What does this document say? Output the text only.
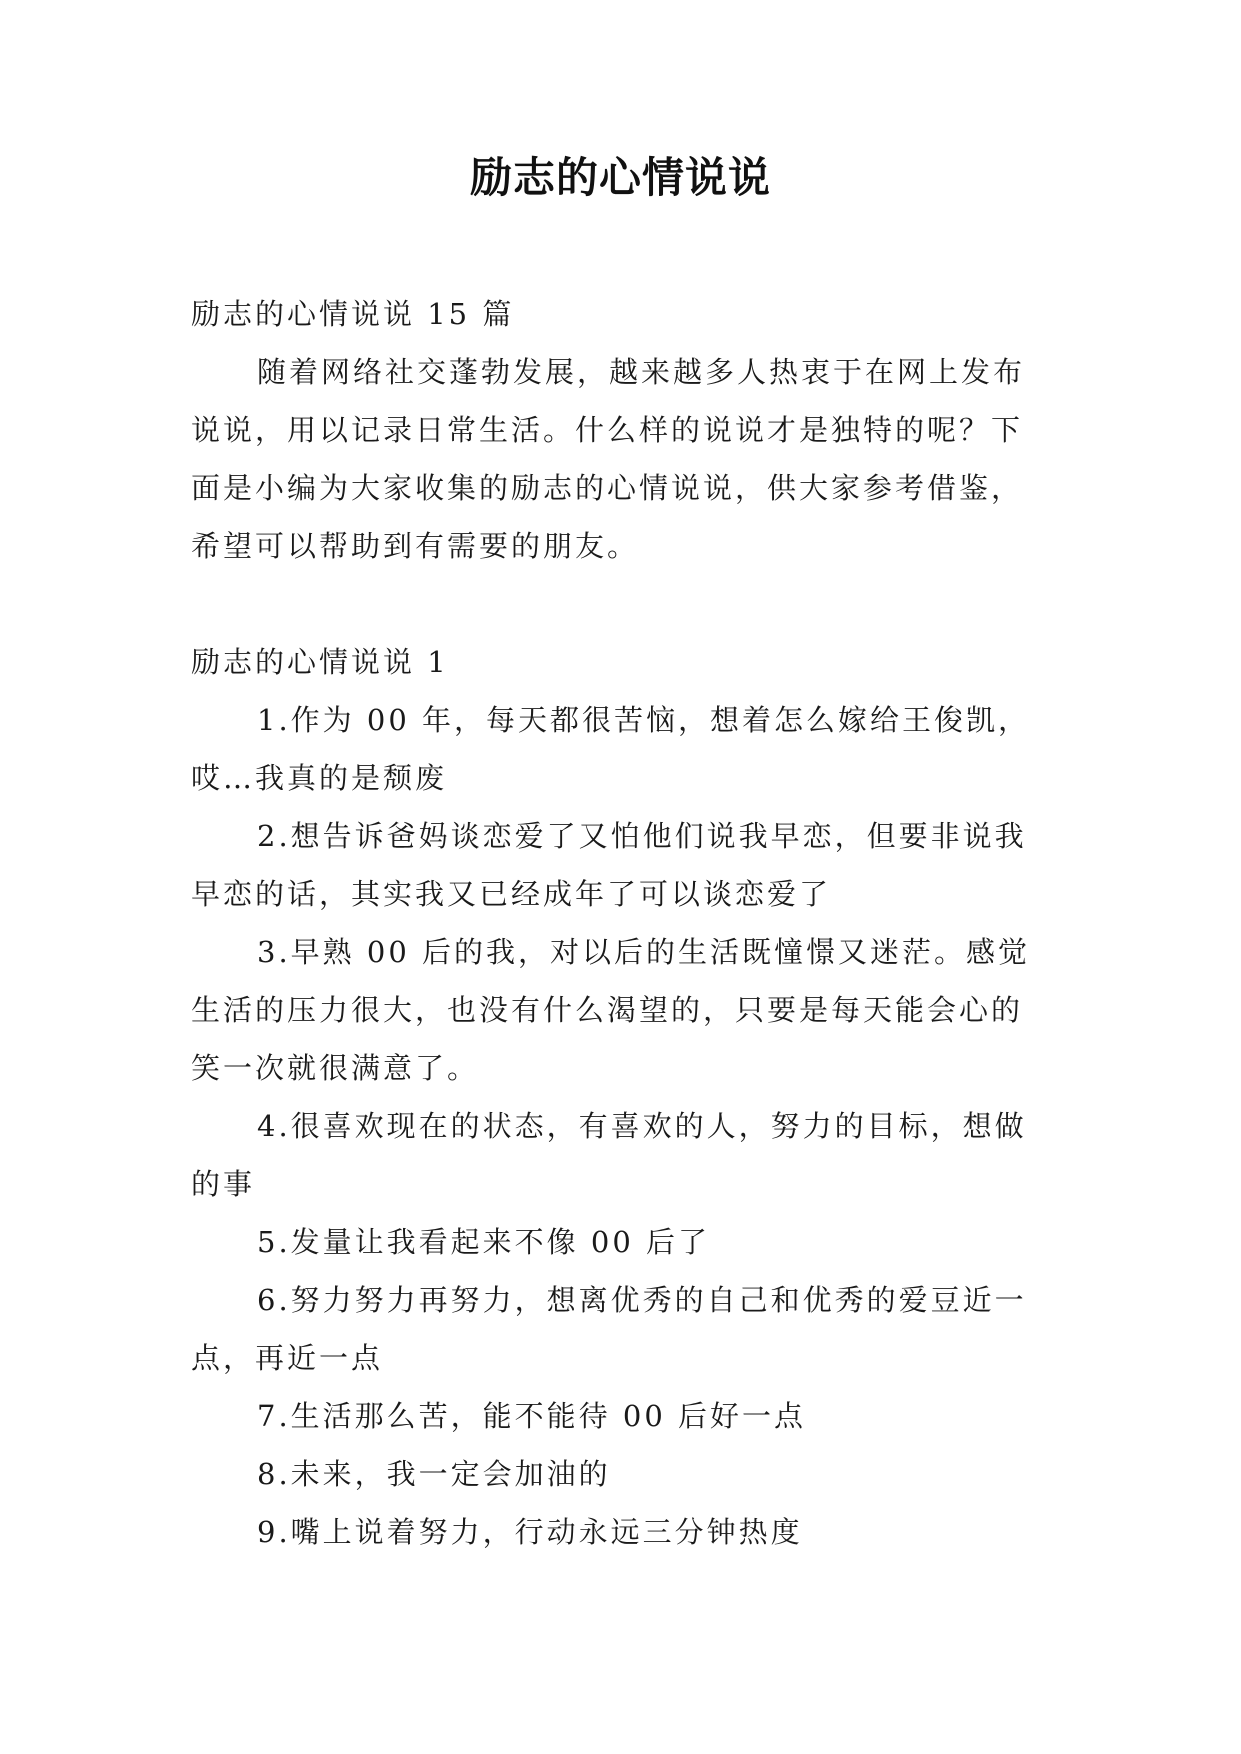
励志的心情说说

励志的心情说说 15 篇

随着网络社交蓬勃发展，越来越多人热衷于在网上发布

说说，用以记录日常生活。什么样的说说才是独特的呢？下

面是小编为大家收集的励志的心情说说，供大家参考借鉴，

希望可以帮助到有需要的朋友。

励志的心情说说 1

1.作为 00 年，每天都很苦恼，想着怎么嫁给王俊凯，

哎…我真的是颓废

2.想告诉爸妈谈恋爱了又怕他们说我早恋，但要非说我

早恋的话，其实我又已经成年了可以谈恋爱了

3.早熟 00 后的我，对以后的生活既憧憬又迷茫。感觉

生活的压力很大，也没有什么渴望的，只要是每天能会心的

笑一次就很满意了。

4.很喜欢现在的状态，有喜欢的人，努力的目标，想做

的事

5.发量让我看起来不像 00 后了

6.努力努力再努力，想离优秀的自己和优秀的爱豆近一

点，再近一点

7.生活那么苦，能不能待 00 后好一点

8.未来，我一定会加油的

9.嘴上说着努力，行动永远三分钟热度
